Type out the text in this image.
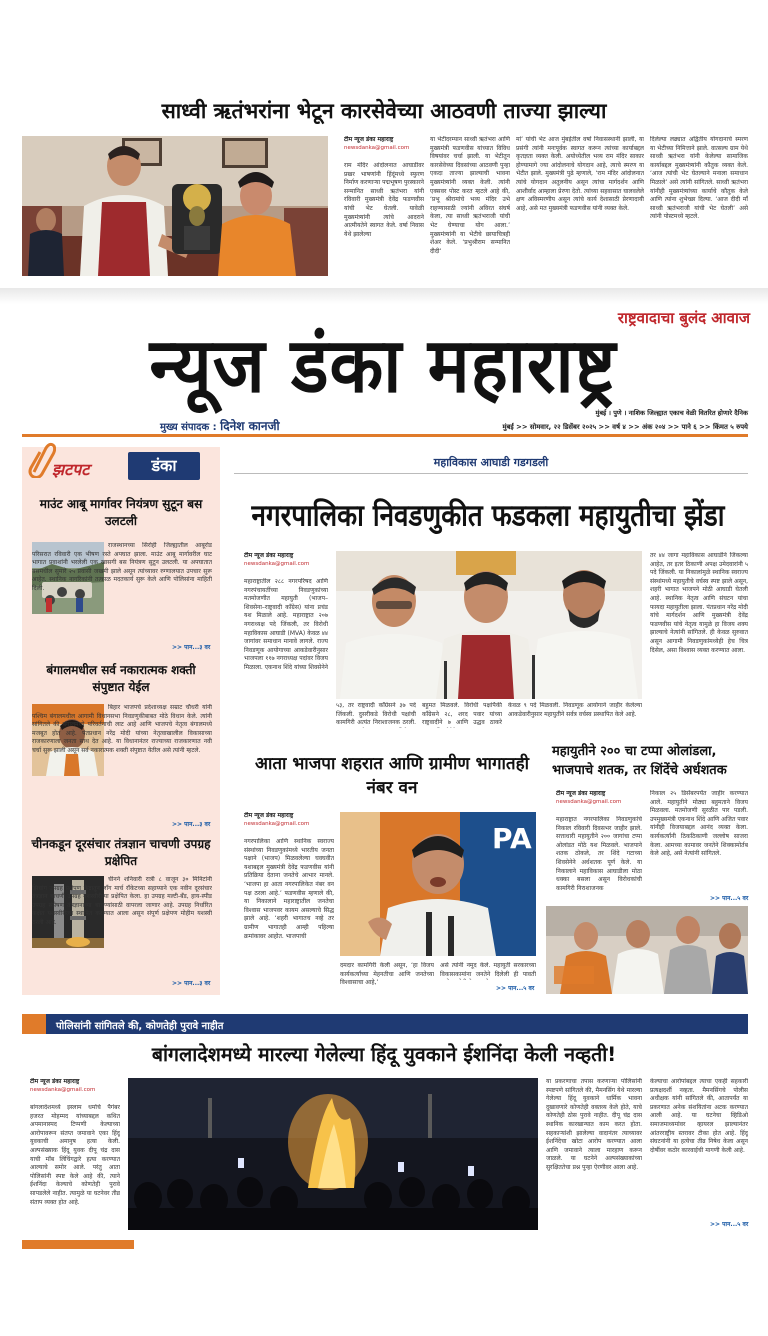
साध्वी ऋतंभरांना भेटून कारसेवेच्या आठवणी ताज्या झाल्या
टीम न्यूज डंका महाराष्ट्र
newsdanka@gmail.com
राम मंदिर आंदोलनात आघाडीवर प्रखर भाषणांनी हिंदूंमध्ये स्फुरण निर्माण करणाऱ्या पद्मभूषण पुरस्कारने सन्मानित साध्वी ऋतंभरा यांनी रविवारी मुख्यमंत्री देवेंद्र फडणवीस यांची भेट घेतली. यावेळी मुख्यमंत्र्यांनी त्यांचे आदराने आत्मीयतेने स्वागत केले. वर्षा निवास येथे झालेल्या
या भेटीदरम्यान साध्वी ऋतंभरा आणि मुख्यमंत्री फडणवीस यांच्यात विविध विषयांवर चर्चा झाली. या भेटीतून कारसेवेच्या दिवसांच्या आठवणी पुन्हा एकदा ताज्या झाल्याची भावना मुख्यमंत्र्यांनी व्यक्त केली. त्यांनी एक्सवर पोस्ट करत म्हटले आहे की, ‘प्रभू श्रीरामांचे भव्य मंदिर उभे राहण्यासाठी ज्यांनी अविरत संघर्ष केला, त्या साध्वी ऋतंभराजी यांची भेट घेण्याचा योग आला.’ मुख्यमंत्र्यांनी या भेटीचे छायाचित्रही शेअर केले. ‘प्रभुश्रीराम सन्मानित दीदी’
मां’ यांची भेट आज मुंबईतील वर्षा निवासस्थानी झाली, या प्रसंगी त्यांनी मनःपूर्वक स्वागत करून त्यांच्या कार्याबद्दल कृतज्ञता व्यक्त केली. अयोध्येतील भव्य राम मंदिर साकार होण्यामागे ज्या आंदोलनाचे योगदान आहे, त्याचे स्मरण या भेटीत झाले. मुख्यमंत्री पुढे म्हणाले, ‘राम मंदिर आंदोलनात त्यांचे योगदान अतुलनीय असून त्यांचा मार्गदर्शन आणि आशीर्वाद आम्हाला प्रेरणा देतो. त्यांच्या सहवासात घालवलेले क्षण अविस्मरणीय असून त्यांचे कार्य देशासाठी प्रेरणादायी आहे, असे मत मुख्यमंत्री फडणवीस यांनी व्यक्त केले.
दिलेल्या लढ्यात अद्वितीय योगदानाचे स्मरण या भेटीच्या निमित्ताने झाले. वात्सल्य ग्राम येथे साध्वी ऋतंभरा यांनी केलेल्या सामाजिक कार्याबद्दल मुख्यमंत्र्यांनी कौतुक व्यक्त केले. ‘आज त्यांची भेट घेतल्याने मनाला समाधान मिळाले’ असे त्यांनी सांगितले. साध्वी ऋतंभरा यांनीही मुख्यमंत्र्यांच्या कार्याचे कौतुक केले आणि त्यांना शुभेच्छा दिल्या. ‘आज दीदी माँ साध्वी ऋतंभराजी यांची भेट घेतली’ असे त्यांनी पोस्टमध्ये म्हटले.
राष्ट्रवादाचा बुलंद आवाज
न्यूज डंका महाराष्ट्र
मुख्य संपादक : दिनेश कानजी
मुंबई । पुणे । नाशिक जिल्ह्यात एकाच वेळी वितरित होणारे दैनिक
मुंबई >> सोमवार, २२ डिसेंबर २०२५ >> वर्ष ४ >> अंक २०४ >> पाने ६ >> किंमत ५ रुपये
झटपट	डंका
माउंट आबू मार्गावर नियंत्रण सुटून बस उलटली
राजस्थानच्या सिरोही जिल्ह्यातील आबूरोड परिसरात रविवारी एक भीषण रस्ते अपघात झाला. माउंट आबू मार्गावरील घाट भागात प्रवाशांनी भरलेली एक खासगी बस नियंत्रण सुटून उलटली. या अपघातात बसमधील सुमारे २५ प्रवासी जखमी झाले असून त्यांच्यावर रुग्णालयात उपचार सुरू आहेत. स्थानिक नागरिकांनी तत्काळ मदतकार्य सुरू केले आणि पोलिसांना माहिती दिली.
>> पान...३ वर
बंगालमधील सर्व नकारात्मक शक्ती संपुष्टात येईल
बिहार भाजपचे प्रदेशाध्यक्ष सम्राट चौधरी यांनी पश्चिम बंगालमधील आगामी विधानसभा निवडणुकीबाबत मोठे विधान केले. त्यांनी सांगितले की बंगालमध्ये परिवर्तनाची लाट आहे आणि भाजपचे नेतृत्व बंगालमध्ये मजबूत होत आहे. पंतप्रधान नरेंद्र मोदी यांच्या नेतृत्वाखालील विकासाच्या राजकारणाला जनता साथ देत आहे. या विधानानंतर राज्याच्या राजकारणात नवी चर्चा सुरू झाली असून सर्व नकारात्मक शक्ती संपुष्टात येतील असे त्यांनी म्हटले.
>> पान...३ वर
चीनकडून दूरसंचार तंत्रज्ञान चाचणी उपग्रह प्रक्षेपित
चीनने शनिवारी रात्री ८ वाजून ३० मिनिटांनी झिचांग उपग्रह प्रक्षेपण केंद्रातून लाँग मार्च रॉकेटच्या सहाय्याने एक नवीन दूरसंचार तंत्रज्ञान चाचणी उपग्रह यशस्वीरीत्या प्रक्षेपित केला. हा उपग्रह मल्टी-बँड, हाय-स्पीड उपग्रह संप्रेषण तंत्रज्ञानाच्या चाचण्यांसाठी वापरला जाणार आहे. उपग्रह निर्धारित कक्षेत यशस्वीरीत्या स्थापित करण्यात आला असून संपूर्ण प्रक्षेपण मोहीम यशस्वी ठरली आहे.
>> पान...३ वर
महाविकास आघाडी गडगडली
नगरपालिका निवडणुकीत फडकला महायुतीचा झेंडा
टीम न्यूज डंका महाराष्ट्र
newsdanka@gmail.com
महाराष्ट्रातील २८८ नगरपरिषद आणि नगरपंचायतींच्या निवडणुकांच्या मतमोजणीत महायुती (भाजप–शिवसेना–राष्ट्रवादी काँग्रेस) यांना प्रचंड यश मिळाले आहे. महाराष्ट्रात २०७ नगराध्यक्ष पदे जिंकली, तर विरोधी महाविकास आघाडी (MVA) केवळ ४४ जागांवर समाधान मानावे लागले. राज्य निवडणूक आयोगाच्या आकडेवारीनुसार भाजपला ११७ नगराध्यक्ष पदांवर विजय मिळाला. एकनाथ शिंदे यांच्या शिवसेनेने
५३, तर राष्ट्रवादी काँग्रेसने ३७ पदे जिंकली. दुसरीकडे विरोधी पक्षांची कामगिरी अत्यंत निराशाजनक ठरली.
बहुमत मिळवले. विरोधी पक्षांपैकी काँग्रेसने २८, शरद पवार यांच्या राष्ट्रवादीने ७ आणि उद्धव ठाकरे
केवळ ९ पदे मिळवली. निवडणूक आयोगाने जाहीर केलेल्या आकडेवारीनुसार महायुतीने सर्वत्र वर्चस्व प्रस्थापित केले आहे.
तर ४४ जागा महाविकास आघाडीने जिंकल्या आहेत, तर इतर ठिकाणी अपक्ष उमेदवारांनी ५ पदे जिंकली. या निकालांमुळे स्थानिक स्वराज्य संस्थांमध्ये महायुतीचे वर्चस्व स्पष्ट झाले असून, शहरी भागात भाजपने मोठी आघाडी घेतली आहे. स्थानिक नेतृत्व आणि संघटन यांचा फायदा महायुतीला झाला. पंतप्रधान नरेंद्र मोदी यांचे मार्गदर्शन आणि मुख्यमंत्री देवेंद्र फडणवीस यांचे नेतृत्व यामुळे हा विजय शक्य झाल्याचे नेत्यांनी सांगितले. ही केवळ सुरुवात असून आगामी निवडणुकांमध्येही हेच चित्र दिसेल, असा विश्वास व्यक्त करण्यात आला.
आता भाजपा शहरात आणि ग्रामीण भागातही नंबर वन
टीम न्यूज डंका महाराष्ट्र
newsdanka@gmail.com
नगरपालिका आणि स्थानिक स्वराज्य संस्थांच्या निवडणुकांमध्ये भारतीय जनता पक्षाने (भाजप) मिळवलेल्या घवघवीत यशाबद्दल मुख्यमंत्री देवेंद्र फडणवीस यांनी प्रतिक्रिया देताना जनतेचे आभार मानले. ‘भाजपा हा आता नगरपालिकेत नंबर वन पक्ष ठरला आहे.’ फडणवीस म्हणाले की, या निकालाने महाराष्ट्रातील जनतेचा विश्वास भाजपवर कायम असल्याचे सिद्ध झाले आहे. ‘शहरी भागातच नव्हे तर ग्रामीण भागातही आम्ही पहिल्या क्रमांकावर आहोत. भाजपाची
PA
दमदार कामगिरी केली असून, ‘हा विजय कार्यकर्त्यांच्या मेहनतीचा आणि जनतेच्या विश्वासाचा आहे,’
असे त्यांनी नमूद केले. महायुती सरकारच्या विकासकामांना जनतेने दिलेली ही पावती
>> पान...५ वर
महायुतीने २०० चा टप्पा ओलांडला, भाजपाचे शतक, तर शिंदेंचे अर्धशतक
टीम न्यूज डंका महाराष्ट्र
newsdanka@gmail.com
महाराष्ट्रात नगरपालिका निवडणुकांचे निकाल रविवारी दिवसभर जाहीर झाले. सत्ताधारी महायुतीने २०० जागांचा टप्पा ओलांडत मोठे यश मिळवले. भाजपाने शतक ठोकले, तर शिंदे गटाच्या शिवसेनेने अर्धशतक पूर्ण केले. या निकालाने महाविकास आघाडीला मोठा धक्का बसला असून विरोधकांची कामगिरी निराशाजनक
निकाल २५ डिसेंबरपर्यंत जाहीर करण्यात आले. महायुतीने मोठ्या बहुमताने विजय मिळवला. मतमोजणी सुरळीत पार पडली. उपमुख्यमंत्री एकनाथ शिंदे आणि अजित पवार यांनीही विजयाबद्दल आनंद व्यक्त केला. कार्यकर्त्यांनी ठिकठिकाणी जल्लोष साजरा केला. आमच्या कामावर जनतेने शिक्कामोर्तब केले आहे, असे नेत्यांनी सांगितले.
>> पान...५ वर
पोलिसांनी सांगितले की, कोणतेही पुरावे नाहीत
बांगलादेशमध्ये मारल्या गेलेल्या हिंदू युवकाने ईशनिंदा केली नव्हती!
टीम न्यूज डंका महाराष्ट्र
newsdanka@gmail.com
बांगलादेशमध्ये इस्लाम धर्माचे पैगंबर हजरत मोहम्मद यांच्याबद्दल कथित अपमानास्पद टिप्पणी केल्याच्या आरोपावरून संतप्त जमावाने एका हिंदू युवकाची अमानुष हत्या केली. अल्पसंख्याक हिंदू युवक दीपू चंद्र दास याची मॉब लिंचिंगद्वारे हत्या करण्यात आल्याचे समोर आले. परंतु आता पोलिसांनी स्पष्ट केले आहे की, त्याने ईशनिंदा केल्याचे कोणतेही पुरावे सापडलेले नाहीत. त्यामुळे या घटनेवर तीव्र संताप व्यक्त होत आहे.
या प्रकरणाचा तपास करणाऱ्या पोलिसांनी स्पष्टपणे सांगितले की, मैमनसिंग येथे मारल्या गेलेल्या हिंदू युवकाने धार्मिक भावना दुखावणारे कोणतेही वक्तव्य केले होते, याचे कोणतेही ठोस पुरावे नाहीत. दीपू चंद्र दास स्थानिक कारखान्यात काम करत होता. सहकाऱ्यांशी झालेल्या वादानंतर त्याच्यावर ईशनिंदेचा खोटा आरोप करण्यात आला आणि जमावाने त्याला मारहाण करून जाळले. या घटनेने अल्पसंख्याकांच्या सुरक्षिततेचा प्रश्न पुन्हा ऐरणीवर आला आहे.
केल्याचा आरोपांबद्दल त्याचा एकही सहकारी प्रत्यक्षदर्शी नव्हता. मैमनसिंगचे पोलीस अधीक्षक यांनी सांगितले की, आतापर्यंत या प्रकरणात अनेक संशयितांना अटक करण्यात आली आहे. या घटनेचा व्हिडिओ समाजमाध्यमांवर व्हायरल झाल्यानंतर आंतरराष्ट्रीय स्तरावर टीका होत आहे. हिंदू संघटनांनी या हत्येचा तीव्र निषेध केला असून दोषींवर कठोर कारवाईची मागणी केली आहे.
>> पान...५ वर
